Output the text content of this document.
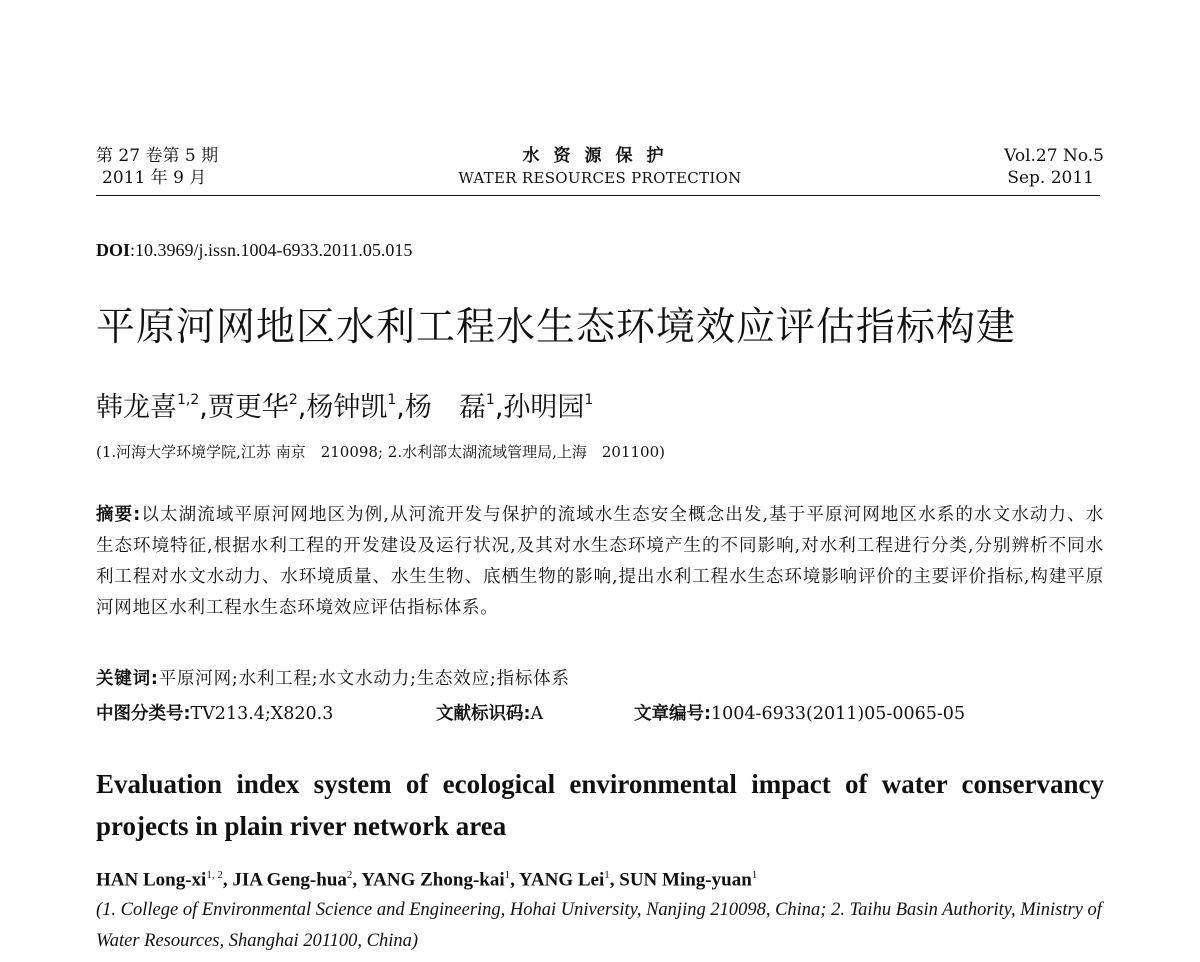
第 27 卷第 5 期
2011 年 9 月
水资源保护
WATER RESOURCES PROTECTION
Vol.27 No.5
Sep. 2011
DOI:10.3969/j.issn.1004-6933.2011.05.015
平原河网地区水利工程水生态环境效应评估指标构建
韩龙喜$^{1,2}$,贾更华$^2$,杨钟凯$^1$,杨　磊$^1$,孙明园$^1$
(1.河海大学环境学院,江苏 南京　210098; 2.水利部太湖流域管理局,上海　201100)
摘要:以太湖流域平原河网地区为例,从河流开发与保护的流域水生态安全概念出发,基于平原河网地区水系的水文水动力、水生态环境特征,根据水利工程的开发建设及运行状况,及其对水生态环境产生的不同影响,对水利工程进行分类,分别辨析不同水利工程对水文水动力、水环境质量、水生生物、底栖生物的影响,提出水利工程水生态环境影响评价的主要评价指标,构建平原河网地区水利工程水生态环境效应评估指标体系。
关键词:平原河网;水利工程;水文水动力;生态效应;指标体系
中图分类号:TV213.4;X820.3	文献标识码:A	文章编号:1004-6933(2011)05-0065-05
Evaluation index system of ecological environmental impact of water conservancy projects in plain river network area
HAN Long-xi$^{1, 2}$, JIA Geng-hua$^2$, YANG Zhong-kai$^1$, YANG Lei$^1$, SUN Ming-yuan$^1$
(1. College of Environmental Science and Engineering, Hohai University, Nanjing 210098, China; 2. Taihu Basin Authority, Ministry of Water Resources, Shanghai 201100, China)
